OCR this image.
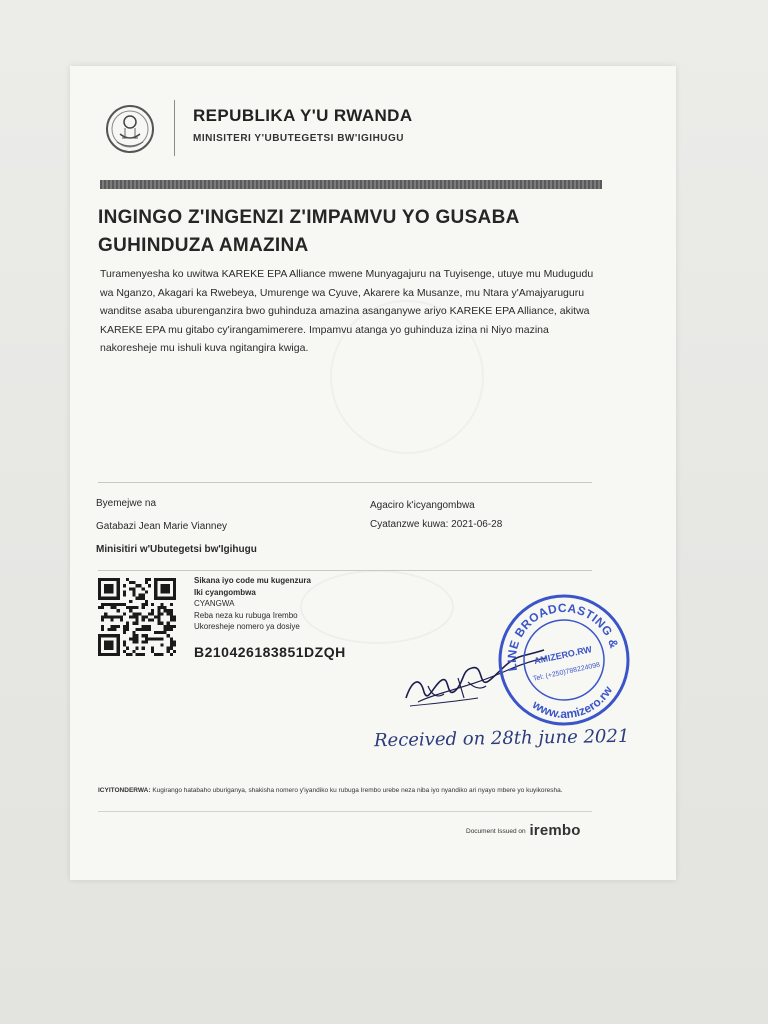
REPUBLIKA Y'U RWANDA
MINISITERI Y'UBUTEGETSI BW'IGIHUGU
INGINGO Z'INGENZI Z'IMPAMVU YO GUSABA GUHINDUZA AMAZINA
Turamenyesha ko uwitwa KAREKE EPA Alliance mwene Munyagajuru na Tuyisenge, utuye mu Mudugudu wa Nganzo, Akagari ka Rwebeya, Umurenge wa Cyuve, Akarere ka Musanze, mu Ntara y'Amajyaruguru wanditse asaba uburenganzira bwo guhinduza amazina asanganywe ariyo KAREKE EPA Alliance, akitwa KAREKE EPA mu gitabo cy'irangamimerere. Impamvu atanga yo guhinduza izina ni Niyo mazina nakoresheje mu ishuli kuva ngitangira kwiga.
Byemejwe na
Gatabazi Jean Marie Vianney
Minisitiri w'Ubutegetsi bw'Igihugu
Agaciro k'icyangombwa
Cyatanzwe kuwa: 2021-06-28
Sikana iyo code mu kugenzura
Iki cyangombwa
CYANGWA
Reba neza ku rubuga Irembo
Ukoresheje nomero ya dosiye
B210426183851DZQH
ONLINE BROADCASTING &
www.amizero.rw
AMIZERO.RW
Tel: (+250)788224098
Received on 28th june 2021
ICYITONDERWA: Kugirango hatabaho uburiganya, shakisha nomero y'iyandiko ku rubuga Irembo urebe neza niba iyo nyandiko ari nyayo mbere yo kuyikoresha.
Document Issued on irembo
